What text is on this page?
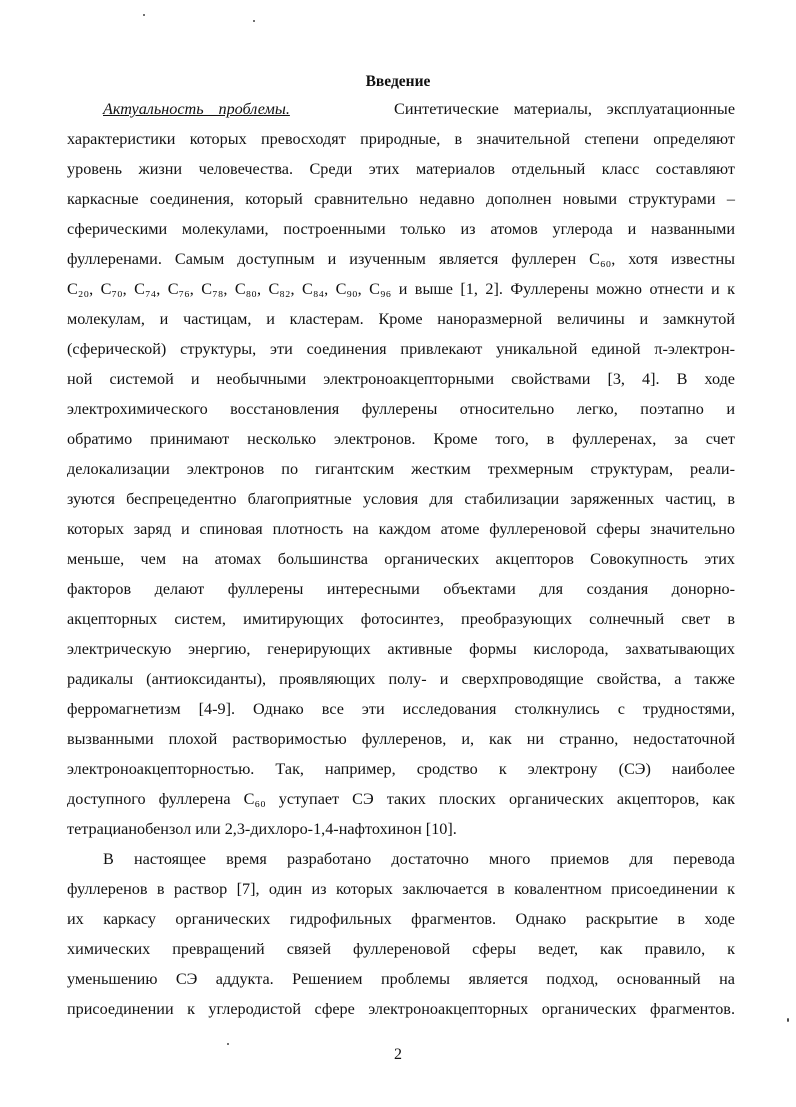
Введение
Актуальность проблемы.	Синтетические материалы, эксплуатационные
характеристики которых превосходят природные, в значительной степени определяют
уровень жизни человечества. Среди этих материалов отдельный класс составляют
каркасные соединения, который сравнительно недавно дополнен новыми структурами –
сферическими молекулами, построенными только из атомов углерода и названными
фуллеренами. Самым доступным и изученным является фуллерен C₆₀, хотя известны
C₂₀, C₇₀, C₇₄, C₇₆, C₇₈, C₈₀, C₈₂, C₈₄, C₉₀, C₉₆ и выше [1, 2]. Фуллерены можно отнести и к
молекулам, и частицам, и кластерам. Кроме наноразмерной величины и замкнутой
(сферической) структуры, эти соединения привлекают уникальной единой π-электрон-
ной системой и необычными электроноакцепторными свойствами [3, 4]. В ходе
электрохимического восстановления фуллерены относительно легко, поэтапно и
обратимо принимают несколько электронов. Кроме того, в фуллеренах, за счет
делокализации электронов по гигантским жестким трехмерным структурам, реали-
зуются беспрецедентно благоприятные условия для стабилизации заряженных частиц, в
которых заряд и спиновая плотность на каждом атоме фуллереновой сферы значительно
меньше, чем на атомах большинства органических акцепторов Совокупность этих
факторов делают фуллерены интересными объектами для создания донорно-
акцепторных систем, имитирующих фотосинтез, преобразующих солнечный свет в
электрическую энергию, генерирующих активные формы кислорода, захватывающих
радикалы (антиоксиданты), проявляющих полу- и сверхпроводящие свойства, а также
ферромагнетизм [4-9]. Однако все эти исследования столкнулись с трудностями,
вызванными плохой растворимостью фуллеренов, и, как ни странно, недостаточной
электроноакцепторностью. Так, например, сродство к электрону (СЭ) наиболее
доступного фуллерена C₆₀ уступает СЭ таких плоских органических акцепторов, как
тетрацианобензол или 2,3-дихлоро-1,4-нафтохинон [10].
В настоящее время разработано достаточно много приемов для перевода
фуллеренов в раствор [7], один из которых заключается в ковалентном присоединении к
их каркасу органических гидрофильных фрагментов. Однако раскрытие в ходе
химических превращений связей фуллереновой сферы ведет, как правило, к
уменьшению СЭ аддукта. Решением проблемы является подход, основанный на
присоединении к углеродистой сфере электроноакцепторных органических фрагментов.
2
